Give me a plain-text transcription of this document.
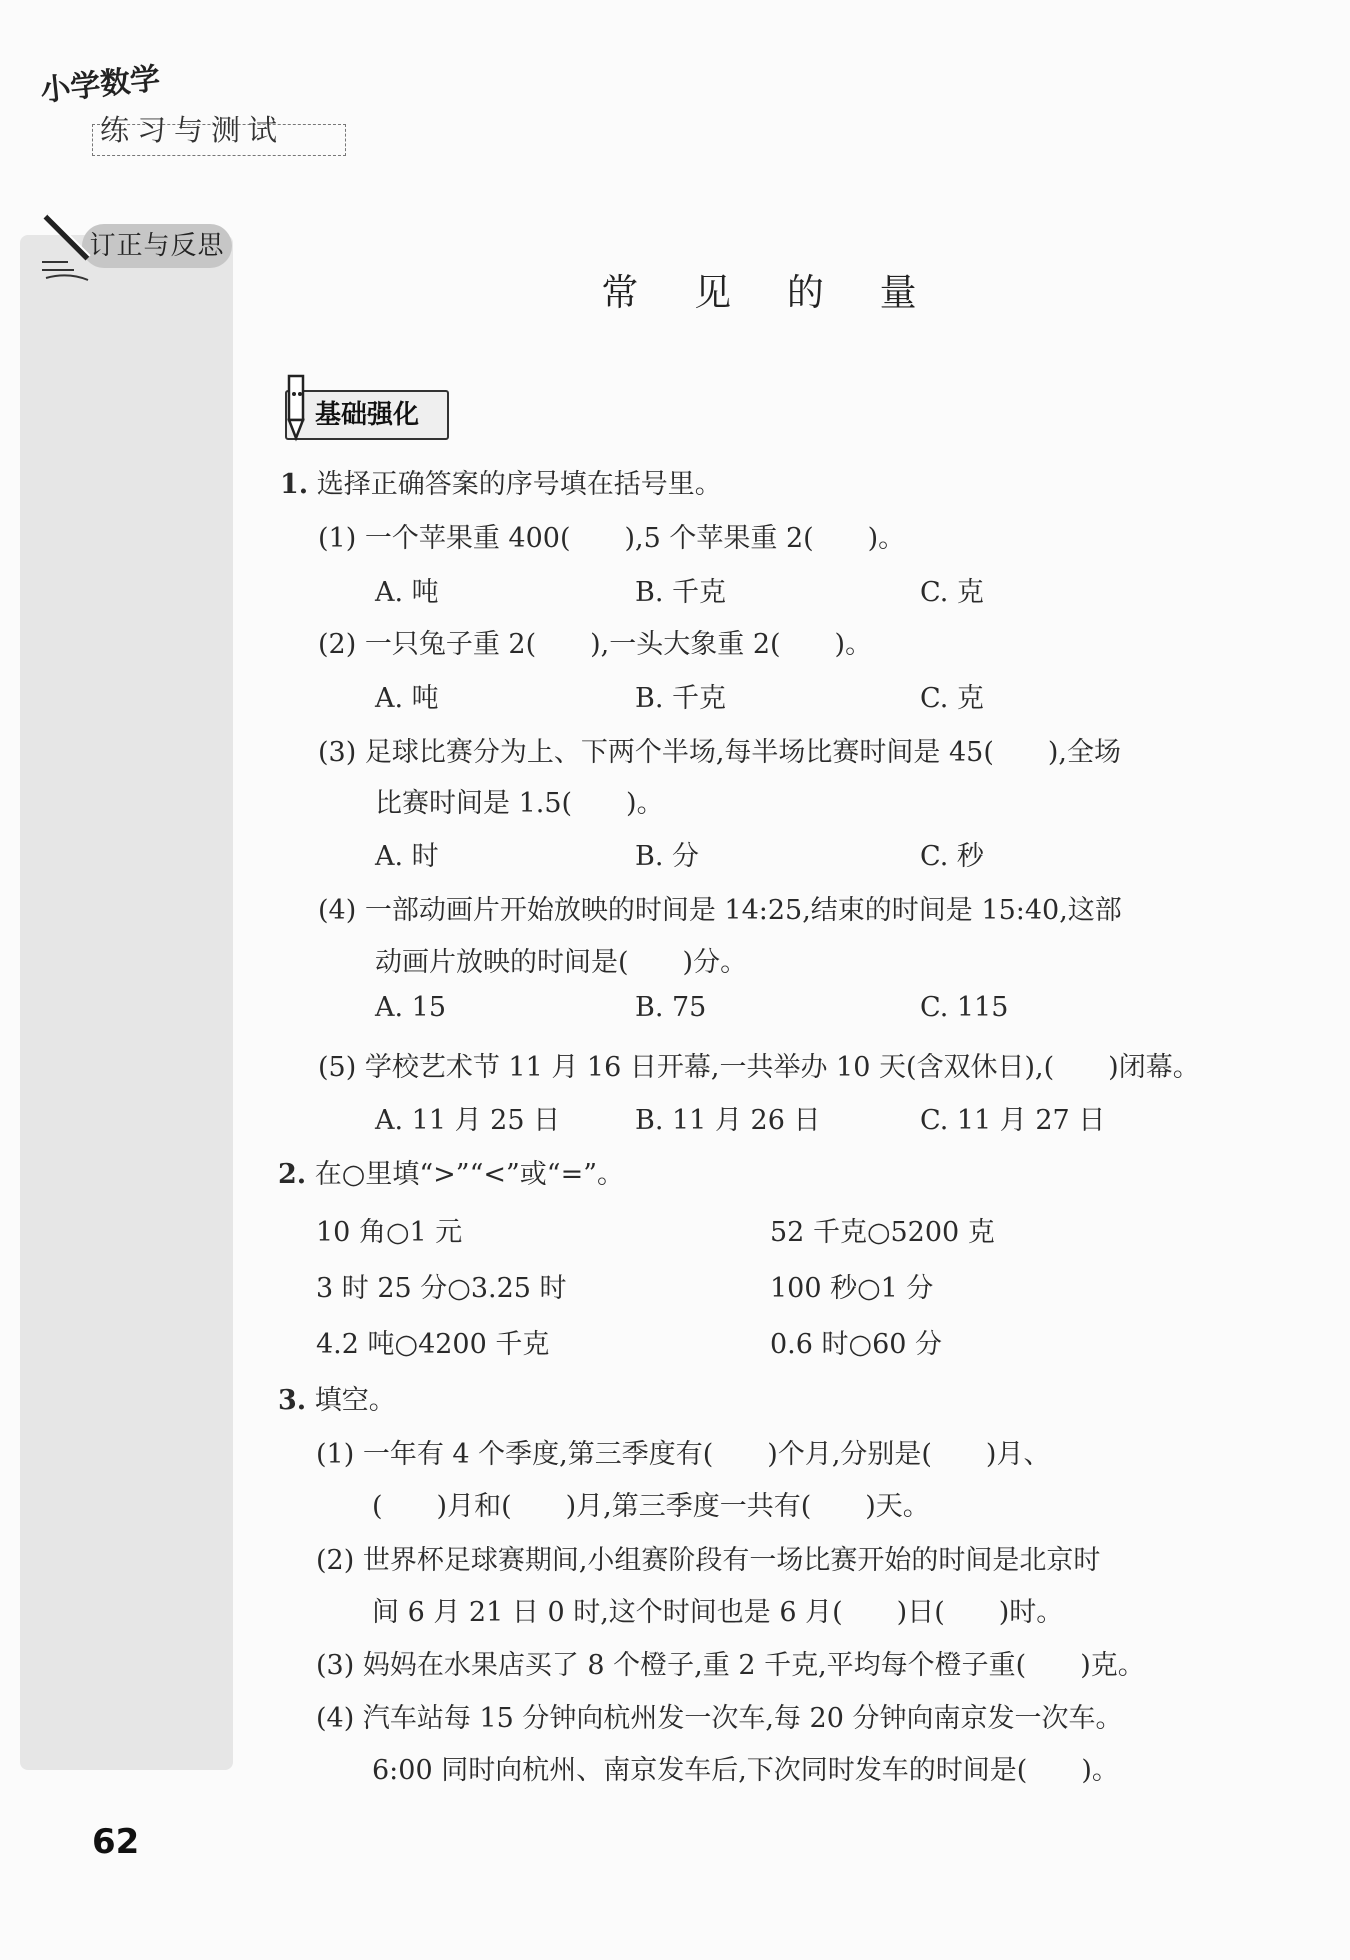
小学数学
练习与测试
订正与反思
常 见 的 量
基础强化
1. 选择正确答案的序号填在括号里。
(1) 一个苹果重 400(　　),5 个苹果重 2(　　)。
A. 吨	B. 千克	C. 克
(2) 一只兔子重 2(　　),一头大象重 2(　　)。
A. 吨	B. 千克	C. 克
(3) 足球比赛分为上、下两个半场,每半场比赛时间是 45(　　),全场
比赛时间是 1.5(　　)。
A. 时	B. 分	C. 秒
(4) 一部动画片开始放映的时间是 14:25,结束的时间是 15:40,这部
动画片放映的时间是(　　)分。
A. 15	B. 75	C. 115
(5) 学校艺术节 11 月 16 日开幕,一共举办 10 天(含双休日),(　　)闭幕。
A. 11 月 25 日	B. 11 月 26 日	C. 11 月 27 日
2. 在○里填“>”“<”或“=”。
10 角○1 元	52 千克○5200 克
3 时 25 分○3.25 时	100 秒○1 分
4.2 吨○4200 千克	0.6 时○60 分
3. 填空。
(1) 一年有 4 个季度,第三季度有(　　)个月,分别是(　　)月、
(　　)月和(　　)月,第三季度一共有(　　)天。
(2) 世界杯足球赛期间,小组赛阶段有一场比赛开始的时间是北京时
间 6 月 21 日 0 时,这个时间也是 6 月(　　)日(　　)时。
(3) 妈妈在水果店买了 8 个橙子,重 2 千克,平均每个橙子重(　　)克。
(4) 汽车站每 15 分钟向杭州发一次车,每 20 分钟向南京发一次车。
6:00 同时向杭州、南京发车后,下次同时发车的时间是(　　)。
62
